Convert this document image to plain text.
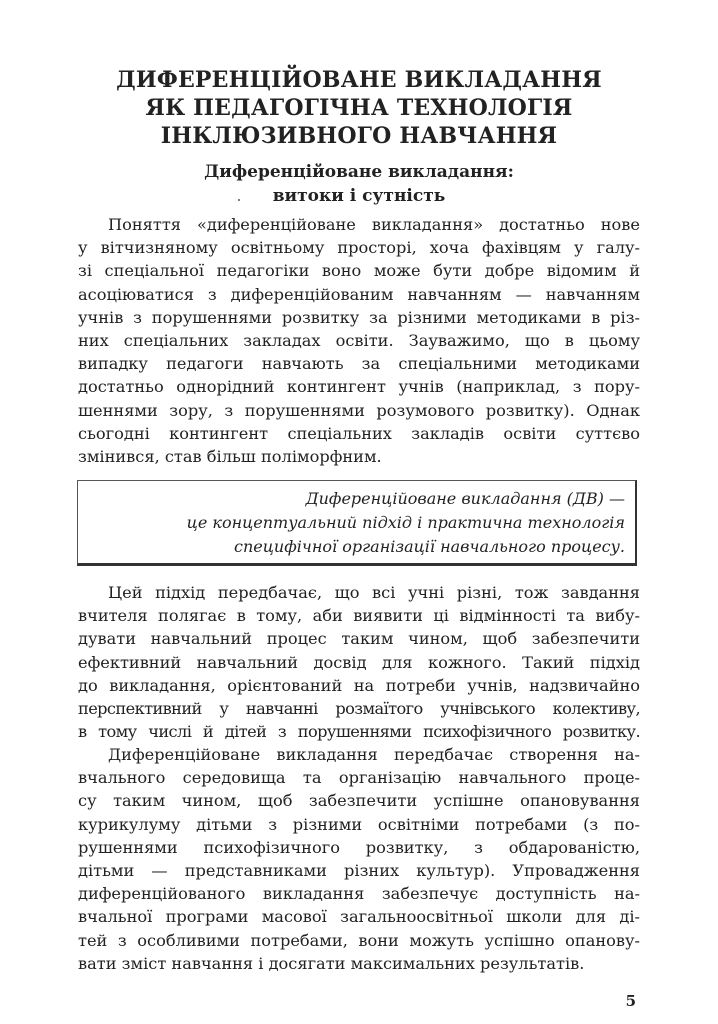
ДИФЕРЕНЦІЙОВАНЕ ВИКЛАДАННЯ
ЯК ПЕДАГОГІЧНА ТЕХНОЛОГІЯ
ІНКЛЮЗИВНОГО НАВЧАННЯ
Диференційоване викладання:
витоки і сутність
Поняття «диференційоване викладання» достатньо нове
у вітчизняному освітньому просторі, хоча фахівцям у галу-
зі спеціальної педагогіки воно може бути добре відомим й
асоціюватися з диференційованим навчанням — навчанням
учнів з порушеннями розвитку за різними методиками в різ-
них спеціальних закладах освіти. Зауважимо, що в цьому
випадку педагоги навчають за спеціальними методиками
достатньо однорідний контингент учнів (наприклад, з пору-
шеннями зору, з порушеннями розумового розвитку). Однак
сьогодні контингент спеціальних закладів освіти суттєво
змінився, став більш поліморфним.
Диференційоване викладання (ДВ) —
це концептуальний підхід і практична технологія
специфічної організації навчального процесу.
Цей підхід передбачає, що всі учні різні, тож завдання
вчителя полягає в тому, аби виявити ці відмінності та вибу-
дувати навчальний процес таким чином, щоб забезпечити
ефективний навчальний досвід для кожного. Такий підхід
до викладання, орієнтований на потреби учнів, надзвичайно
перспективний у навчанні розмаїтого учнівського колективу,
в тому числі й дітей з порушеннями психофізичного розвитку.
Диференційоване викладання передбачає створення на-
вчального середовища та організацію навчального проце-
су таким чином, щоб забезпечити успішне опановування
курикулуму дітьми з різними освітніми потребами (з по-
рушеннями психофізичного розвитку, з обдарованістю,
дітьми — представниками різних культур). Упровадження
диференційованого викладання забезпечує доступність на-
вчальної програми масової загальноосвітньої школи для ді-
тей з особливими потребами, вони можуть успішно опанову-
вати зміст навчання і досягати максимальних результатів.
5
